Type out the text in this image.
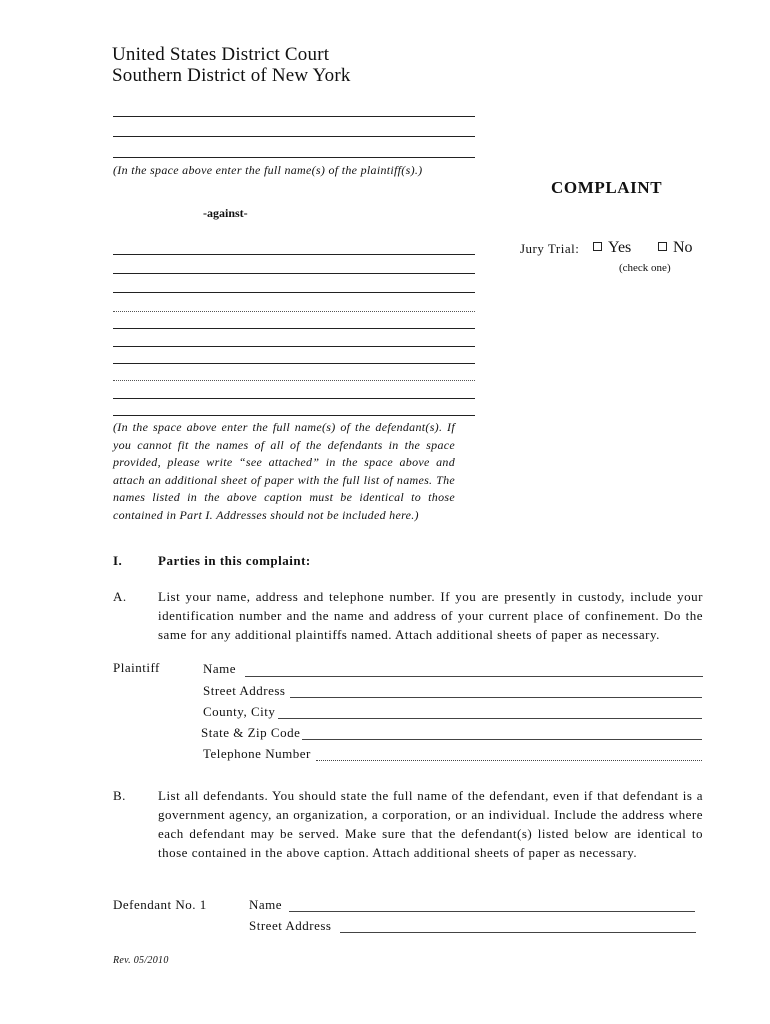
United States District Court
Southern District of New York
(In the space above enter the full name(s) of the plaintiff(s).)
COMPLAINT
-against-
Jury Trial:	Yes	No
(check one)
(In the space above enter the full name(s) of the defendant(s). If you cannot fit the names of all of the defendants in the space provided, please write “see attached” in the space above and attach an additional sheet of paper with the full list of names. The names listed in the above caption must be identical to those contained in Part I. Addresses should not be included here.)
I.	Parties in this complaint:
A. List your name, address and telephone number. If you are presently in custody, include your identification number and the name and address of your current place of confinement. Do the same for any additional plaintiffs named. Attach additional sheets of paper as necessary.
Plaintiff	Name
Street Address
County, City
State & Zip Code
Telephone Number
B. List all defendants. You should state the full name of the defendant, even if that defendant is a government agency, an organization, a corporation, or an individual. Include the address where each defendant may be served. Make sure that the defendant(s) listed below are identical to those contained in the above caption. Attach additional sheets of paper as necessary.
Defendant No. 1	Name
Street Address
Rev. 05/2010
